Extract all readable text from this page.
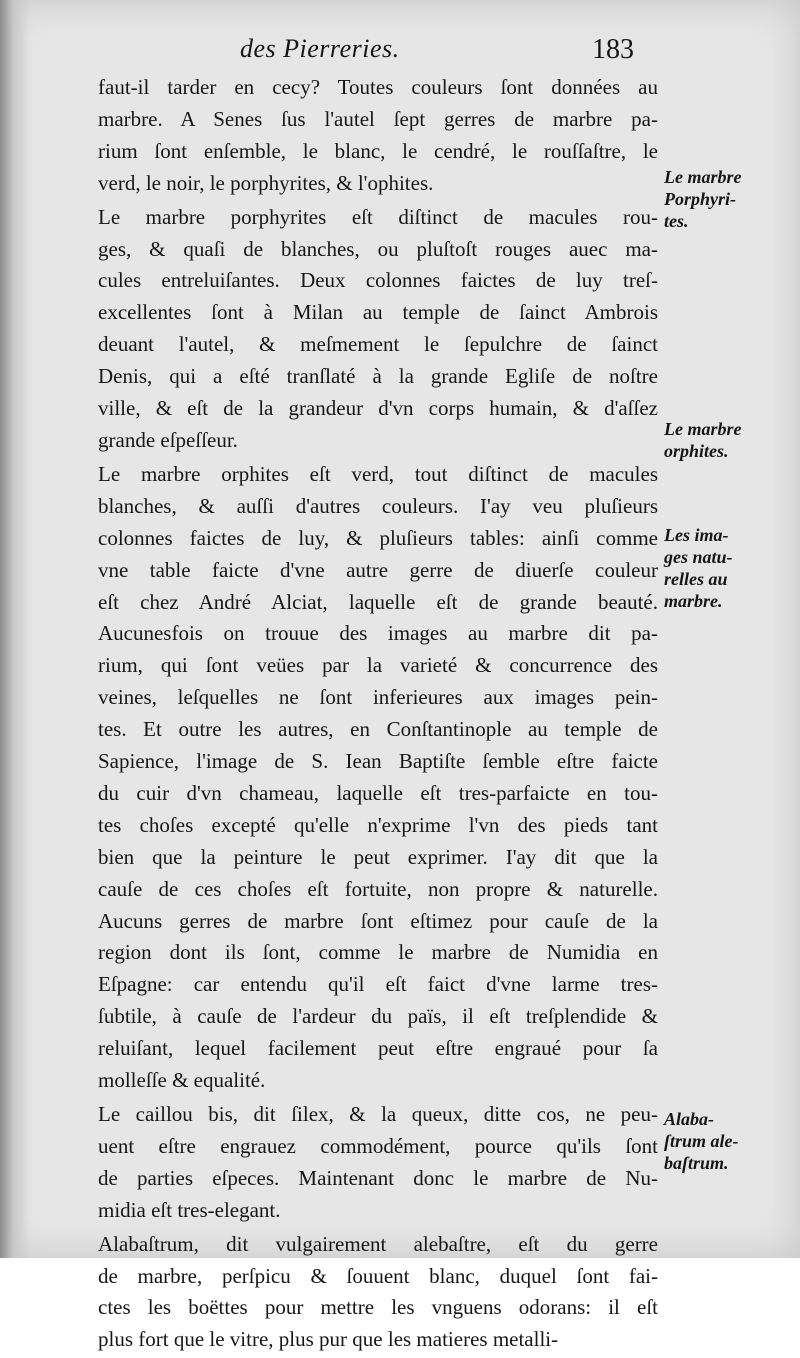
des Pierreries.	183

faut-il tarder en cecy? Toutes couleurs ſont données au
marbre. A Senes ſus l'autel ſept gerres de marbre pa-
rium ſont enſemble, le blanc, le cendré, le rouſſaſtre, le
verd, le noir, le porphyrites, & l'ophites.

Le marbre porphyrites eſt diſtinct de macules rou-
ges, & quaſi de blanches, ou pluſtoſt rouges auec ma-
cules entreluiſantes. Deux colonnes faictes de luy treſ-
excellentes ſont à Milan au temple de ſainct Ambrois
deuant l'autel, & meſmement le ſepulchre de ſainct
Denis, qui a eſté tranſlaté à la grande Egliſe de noſtre
ville, & eſt de la grandeur d'vn corps humain, & d'aſſez
grande eſpeſſeur.

Le marbre orphites eſt verd, tout diſtinct de macules
blanches, & auſſi d'autres couleurs. I'ay veu pluſieurs
colonnes faictes de luy, & pluſieurs tables: ainſi comme
vne table faicte d'vne autre gerre de diuerſe couleur
eſt chez André Alciat, laquelle eſt de grande beauté.
Aucunesfois on trouue des images au marbre dit pa-
rium, qui ſont veües par la varieté & concurrence des
veines, leſquelles ne ſont inferieures aux images pein-
tes. Et outre les autres, en Conſtantinople au temple de
Sapience, l'image de S. Iean Baptiſte ſemble eſtre faicte
du cuir d'vn chameau, laquelle eſt tres-parfaicte en tou-
tes choſes excepté qu'elle n'exprime l'vn des pieds tant
bien que la peinture le peut exprimer. I'ay dit que la
cauſe de ces choſes eſt fortuite, non propre & naturelle.
Aucuns gerres de marbre ſont eſtimez pour cauſe de la
region dont ils ſont, comme le marbre de Numidia en
Eſpagne: car entendu qu'il eſt faict d'vne larme tres-
ſubtile, à cauſe de l'ardeur du païs, il eſt treſplendide &
reluiſant, lequel facilement peut eſtre engraué pour ſa
molleſſe & equalité.

Le caillou bis, dit ſilex, & la queux, ditte cos, ne peu-
uent eſtre engrauez commodément, pource qu'ils ſont
de parties eſpeces. Maintenant donc le marbre de Nu-
midia eſt tres-elegant.

Alabaſtrum, dit vulgairement alebaſtre, eſt du gerre
de marbre, perſpicu & ſouuent blanc, duquel ſont fai-
ctes les boëttes pour mettre les vnguens odorans: il eſt
plus fort que le vitre, plus pur que les matieres metalli-

Le marbre
Porphyri-
tes.
Le marbre
orphites.
Les ima-
ges natu-
relles au
marbre.
Alaba-
ſtrum ale-
baſtrum.
